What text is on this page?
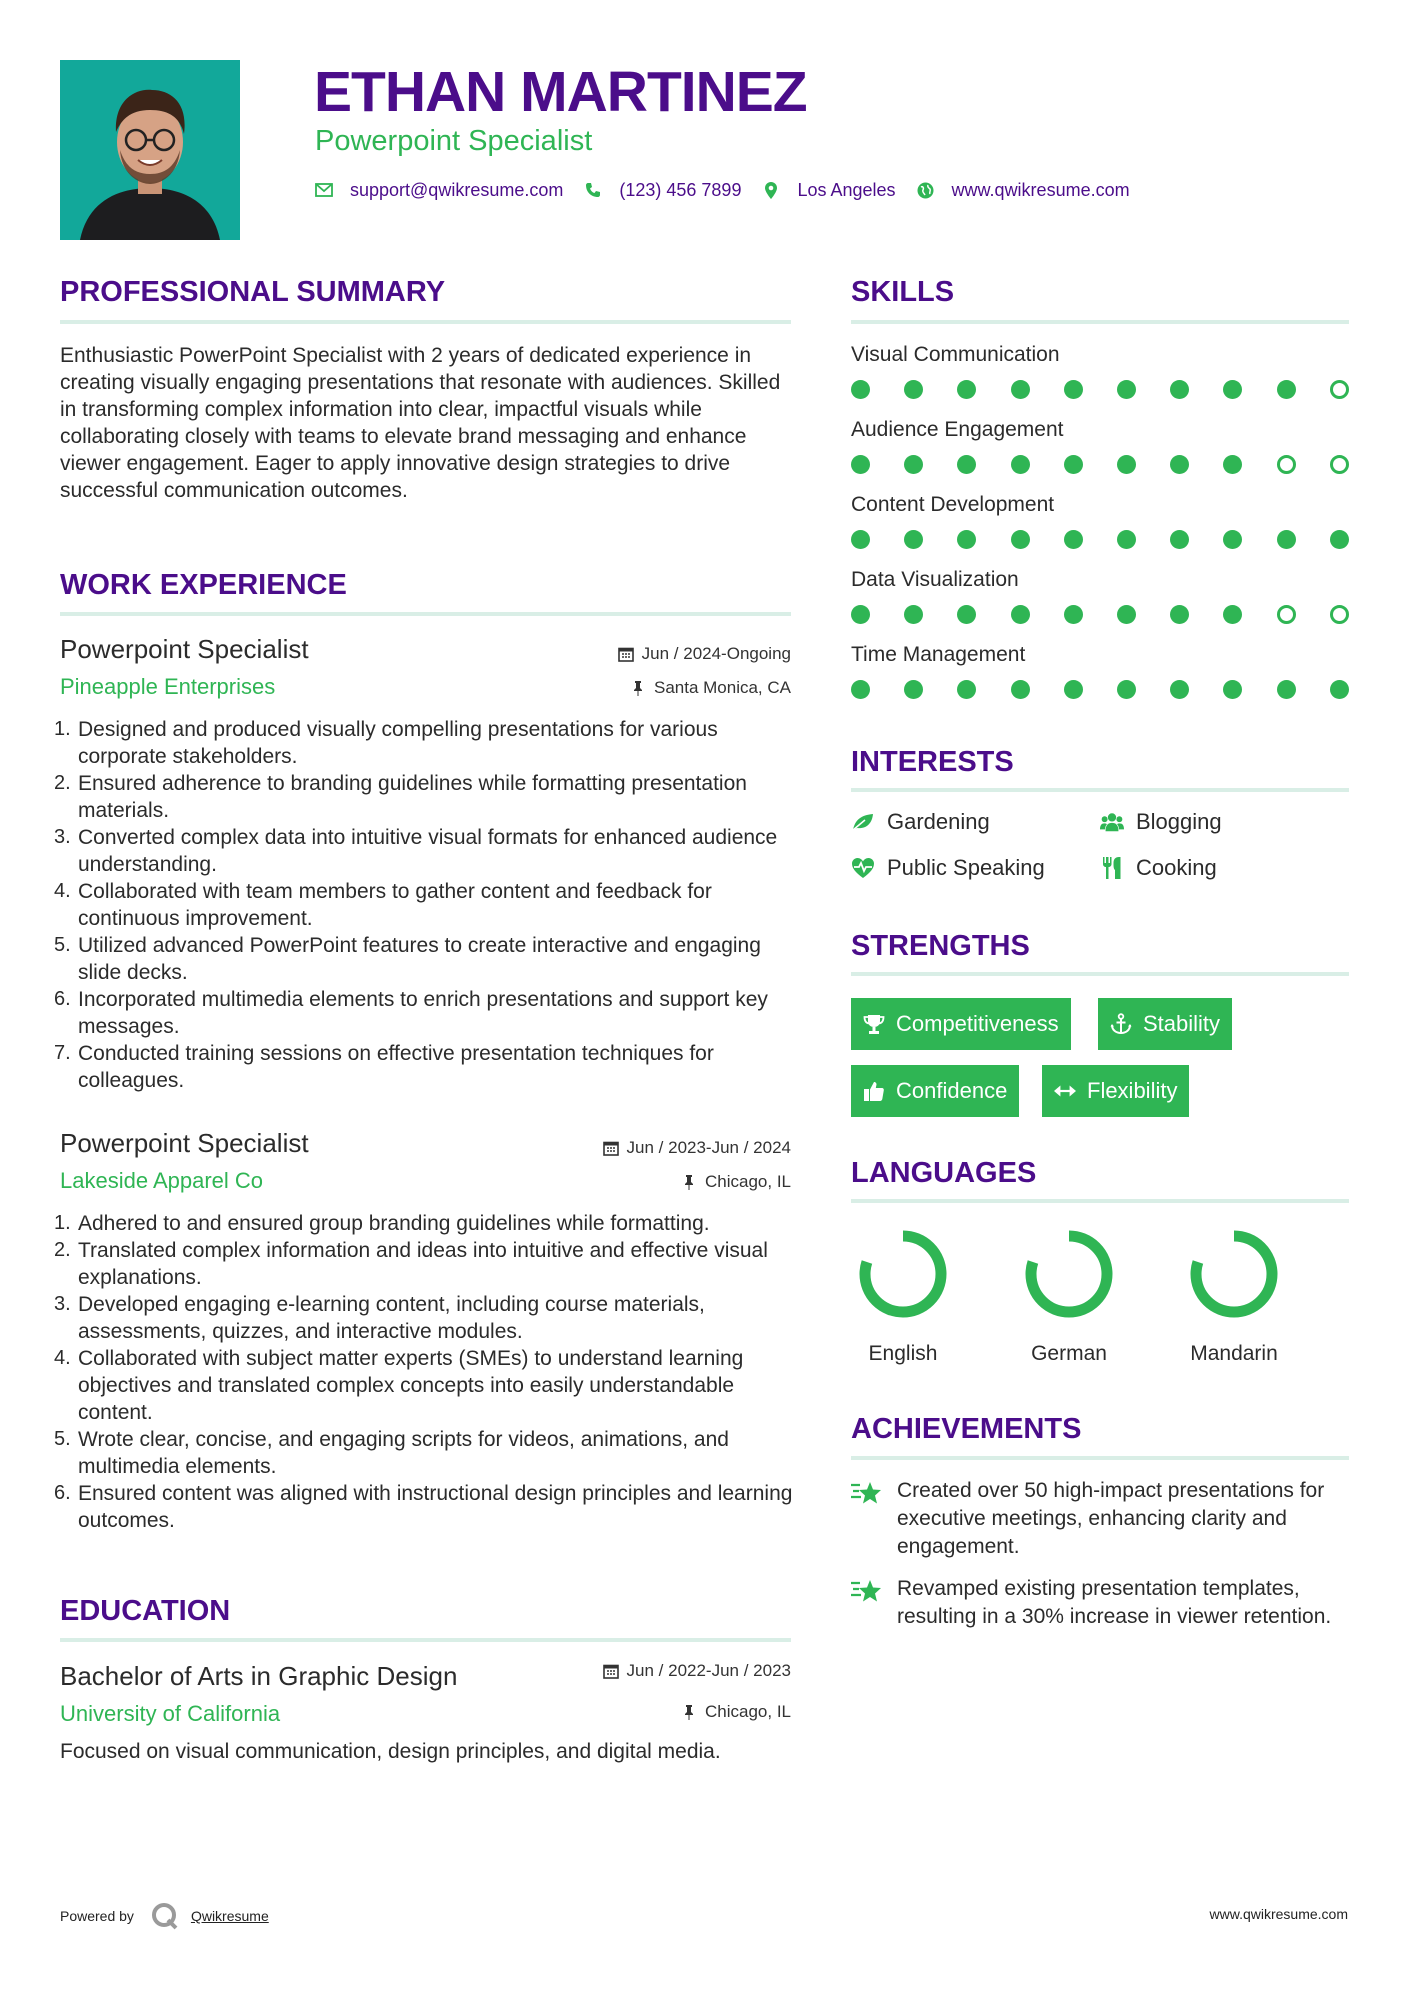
ETHAN MARTINEZ
Powerpoint Specialist
support@qwikresume.com	(123) 456 7899	Los Angeles	www.qwikresume.com
PROFESSIONAL SUMMARY
Enthusiastic PowerPoint Specialist with 2 years of dedicated experience in creating visually engaging presentations that resonate with audiences. Skilled in transforming complex information into clear, impactful visuals while collaborating closely with teams to elevate brand messaging and enhance viewer engagement. Eager to apply innovative design strategies to drive successful communication outcomes.
WORK EXPERIENCE
Powerpoint Specialist
Pineapple Enterprises
Jun / 2024-Ongoing
Santa Monica, CA
Designed and produced visually compelling presentations for various corporate stakeholders.
Ensured adherence to branding guidelines while formatting presentation materials.
Converted complex data into intuitive visual formats for enhanced audience understanding.
Collaborated with team members to gather content and feedback for continuous improvement.
Utilized advanced PowerPoint features to create interactive and engaging slide decks.
Incorporated multimedia elements to enrich presentations and support key messages.
Conducted training sessions on effective presentation techniques for colleagues.
Powerpoint Specialist
Lakeside Apparel Co
Jun / 2023-Jun / 2024
Chicago, IL
Adhered to and ensured group branding guidelines while formatting.
Translated complex information and ideas into intuitive and effective visual explanations.
Developed engaging e-learning content, including course materials, assessments, quizzes, and interactive modules.
Collaborated with subject matter experts (SMEs) to understand learning objectives and translated complex concepts into easily understandable content.
Wrote clear, concise, and engaging scripts for videos, animations, and multimedia elements.
Ensured content was aligned with instructional design principles and learning outcomes.
EDUCATION
Bachelor of Arts in Graphic Design
University of California
Jun / 2022-Jun / 2023
Chicago, IL
Focused on visual communication, design principles, and digital media.
SKILLS
Visual Communication
Audience Engagement
Content Development
Data Visualization
Time Management
INTERESTS
Gardening	Blogging
Public Speaking	Cooking
STRENGTHS
Competitiveness	Stability
Confidence	Flexibility
LANGUAGES
English	German	Mandarin
ACHIEVEMENTS
Created over 50 high-impact presentations for executive meetings, enhancing clarity and engagement.
Revamped existing presentation templates, resulting in a 30% increase in viewer retention.
Powered by	Qwikresume	www.qwikresume.com
